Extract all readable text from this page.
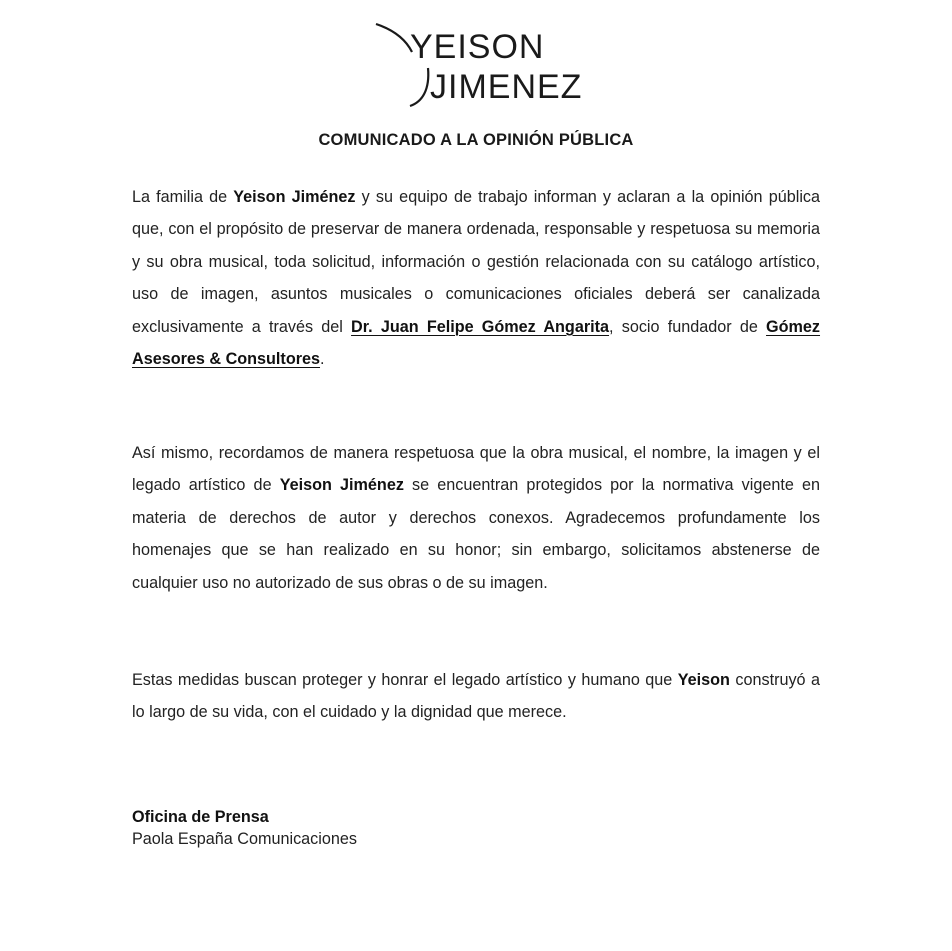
YEISON
JIMENEZ
COMUNICADO A LA OPINIÓN PÚBLICA
La familia de Yeison Jiménez y su equipo de trabajo informan y aclaran a la opinión pública que, con el propósito de preservar de manera ordenada, responsable y respetuosa su memoria y su obra musical, toda solicitud, información o gestión relacionada con su catálogo artístico, uso de imagen, asuntos musicales o comunicaciones oficiales deberá ser canalizada exclusivamente a través del Dr. Juan Felipe Gómez Angarita, socio fundador de Gómez Asesores & Consultores.
Así mismo, recordamos de manera respetuosa que la obra musical, el nombre, la imagen y el legado artístico de Yeison Jiménez se encuentran protegidos por la normativa vigente en materia de derechos de autor y derechos conexos. Agradecemos profundamente los homenajes que se han realizado en su honor; sin embargo, solicitamos abstenerse de cualquier uso no autorizado de sus obras o de su imagen.
Estas medidas buscan proteger y honrar el legado artístico y humano que Yeison construyó a lo largo de su vida, con el cuidado y la dignidad que merece.
Oficina de Prensa
Paola España Comunicaciones
